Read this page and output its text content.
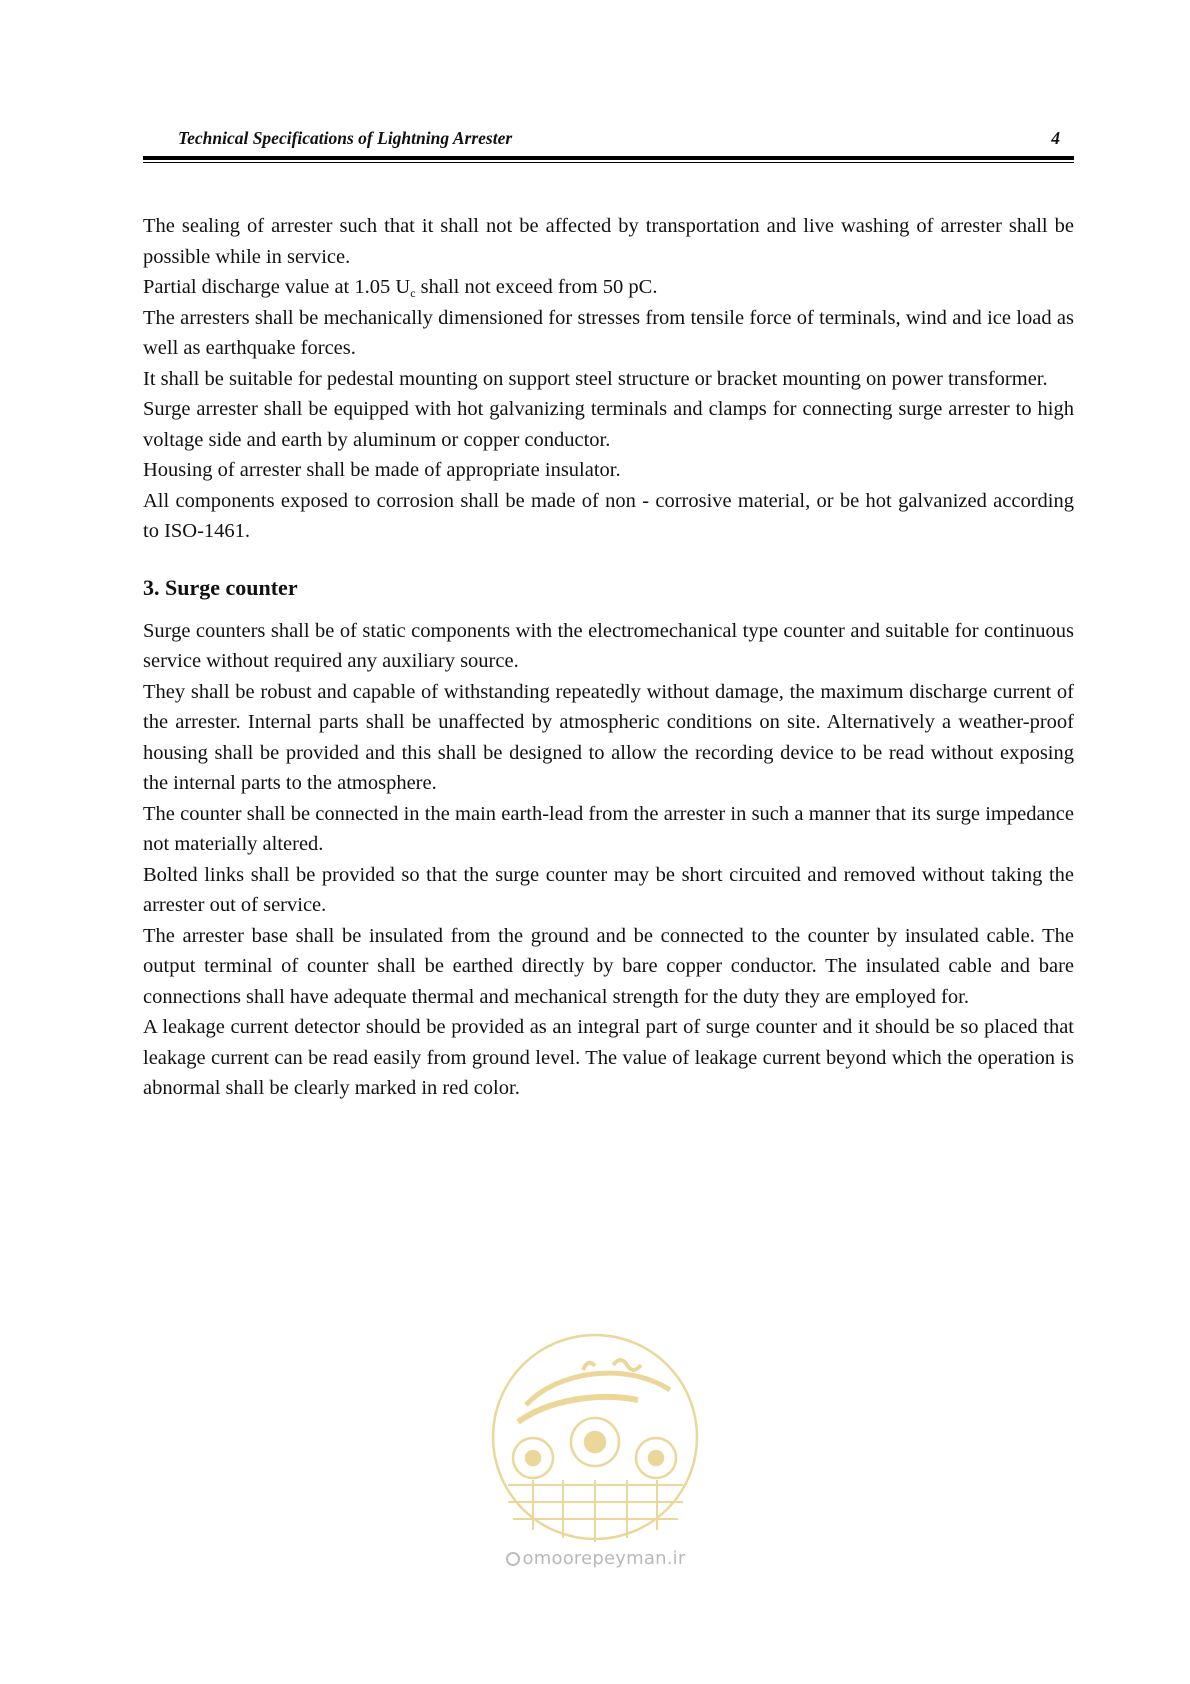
Technical Specifications of Lightning Arrester	4

The sealing of arrester such that it shall not be affected by transportation and live washing of arrester shall be possible while in service.

Partial discharge value at 1.05 $U_c$ shall not exceed from 50 pC.

The arresters shall be mechanically dimensioned for stresses from tensile force of terminals, wind and ice load as well as earthquake forces.

It shall be suitable for pedestal mounting on support steel structure or bracket mounting on power transformer.

Surge arrester shall be equipped with hot galvanizing terminals and clamps for connecting surge arrester to high voltage side and earth by aluminum or copper conductor.

Housing of arrester shall be made of appropriate insulator.

All components exposed to corrosion shall be made of non - corrosive material, or be hot galvanized according to ISO-1461.

3. Surge counter

Surge counters shall be of static components with the electromechanical type counter and suitable for continuous service without required any auxiliary source.

They shall be robust and capable of withstanding repeatedly without damage, the maximum discharge current of the arrester. Internal parts shall be unaffected by atmospheric conditions on site. Alternatively a weather-proof housing shall be provided and this shall be designed to allow the recording device to be read without exposing the internal parts to the atmosphere.

The counter shall be connected in the main earth-lead from the arrester in such a manner that its surge impedance not materially altered.

Bolted links shall be provided so that the surge counter may be short circuited and removed without taking the arrester out of service.

The arrester base shall be insulated from the ground and be connected to the counter by insulated cable. The output terminal of counter shall be earthed directly by bare copper conductor. The insulated cable and bare connections shall have adequate thermal and mechanical strength for the duty they are employed for.

A leakage current detector should be provided as an integral part of surge counter and it should be so placed that leakage current can be read easily from ground level. The value of leakage current beyond which the operation is abnormal shall be clearly marked in red color.

omoorepeyman.ir
